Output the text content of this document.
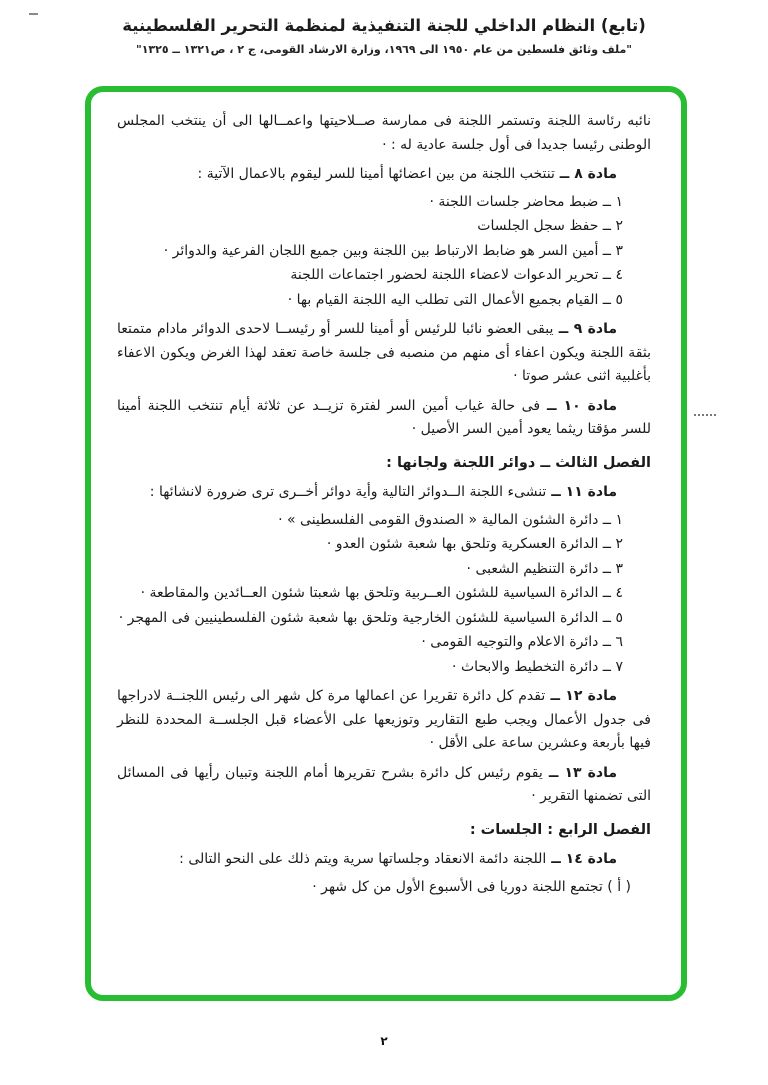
(تابع) النظام الداخلي للجنة التنفيذية لمنظمة التحرير الفلسطينية
"ملف وثائق فلسطين من عام ١٩٥٠ الى ١٩٦٩، وزارة الارشاد القومى، ج ٢ ، ص١٣٢١ ــ ١٣٢٥"
نائبه رئاسة اللجنة وتستمر اللجنة فى ممارسة صــلاحيتها واعمــالها الى أن ينتخب المجلس الوطنى رئيسا جديدا فى أول جلسة عادية له : ·
مادة ٨ ــ تنتخب اللجنة من بين اعضائها أمينا للسر ليقوم بالاعمال الآتية :
١ ــ ضبط محاضر جلسات اللجنة ·
٢ ــ حفظ سجل الجلسات
٣ ــ أمين السر هو ضابط الارتباط بين اللجنة وبين جميع اللجان الفرعية والدوائر ·
٤ ــ تحرير الدعوات لاعضاء اللجنة لحضور اجتماعات اللجنة
٥ ــ القيام بجميع الأعمال التى تطلب اليه اللجنة القيام بها ·
مادة ٩ ــ يبقى العضو نائبا للرئيس أو أمينا للسر أو رئيســا لاحدى الدوائر مادام متمتعا بثقة اللجنة ويكون اعفاء أى منهم من منصبه فى جلسة خاصة تعقد لهذا الغرض ويكون الاعفاء بأغلبية اثنى عشر صوتا ·
مادة ١٠ ــ فى حالة غياب أمين السر لفترة تزيــد عن ثلاثة أيام تنتخب اللجنة أمينا للسر مؤقتا ريثما يعود أمين السر الأصيل ·
الفصل الثالث ــ دوائر اللجنة ولجانها :
مادة ١١ ــ تنشىء اللجنة الــدوائر التالية وأية دوائر أخــرى ترى ضرورة لانشائها :
١ ــ دائرة الشئون المالية « الصندوق القومى الفلسطينى » ·
٢ ــ الدائرة العسكرية وتلحق بها شعبة شئون العدو ·
٣ ــ دائرة التنظيم الشعبى ·
٤ ــ الدائرة السياسية للشئون العــربية وتلحق بها شعبتا شئون العــائدين والمقاطعة ·
٥ ــ الدائرة السياسية للشئون الخارجية وتلحق بها شعبة شئون الفلسطينيين فى المهجر ·
٦ ــ دائرة الاعلام والتوجيه القومى ·
٧ ــ دائرة التخطيط والابحاث ·
مادة ١٢ ــ تقدم كل دائرة تقريرا عن اعمالها مرة كل شهر الى رئيس اللجنــة لادراجها فى جدول الأعمال ويجب طبع التقارير وتوزيعها على الأعضاء قبل الجلســة المحددة للنظر فيها بأربعة وعشرين ساعة على الأقل ·
مادة ١٣ ــ يقوم رئيس كل دائرة بشرح تقريرها أمام اللجنة وتبيان رأيها فى المسائل التى تضمنها التقرير ·
الفصل الرابع : الجلسات :
مادة ١٤ ــ اللجنة دائمة الانعقاد وجلساتها سرية ويتم ذلك على النحو التالى :
( أ ) تجتمع اللجنة دوريا فى الأسبوع الأول من كل شهر ·
٢
